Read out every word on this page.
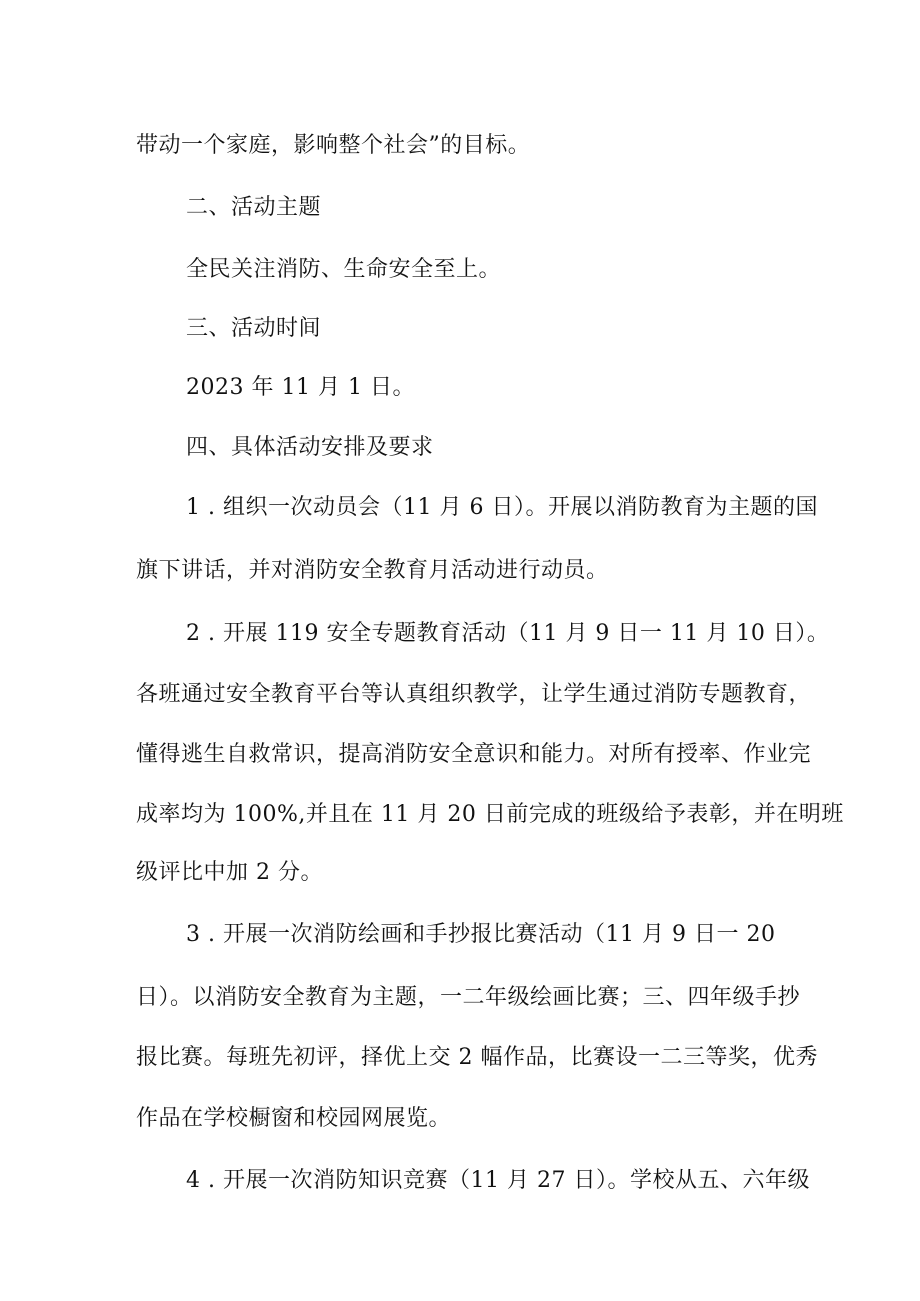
带动一个家庭，影响整个社会”的目标。
二、活动主题
全民关注消防、生命安全至上。
三、活动时间
2023 年 11 月 1 日。
四、具体活动安排及要求
1 . 组织一次动员会（11 月 6 日）。开展以消防教育为主题的国
旗下讲话，并对消防安全教育月活动进行动员。
2 . 开展 119 安全专题教育活动（11 月 9 日一 11 月 10 日）。
各班通过安全教育平台等认真组织教学，让学生通过消防专题教育，
懂得逃生自救常识，提高消防安全意识和能力。对所有授率、作业完
成率均为 100%,并且在 11 月 20 日前完成的班级给予表彰，并在明班
级评比中加 2 分。
3 . 开展一次消防绘画和手抄报比赛活动（11 月 9 日一 20
日）。以消防安全教育为主题，一二年级绘画比赛；三、四年级手抄
报比赛。每班先初评，择优上交 2 幅作品，比赛设一二三等奖，优秀
作品在学校橱窗和校园网展览。
4 . 开展一次消防知识竞赛（11 月 27 日）。学校从五、六年级
